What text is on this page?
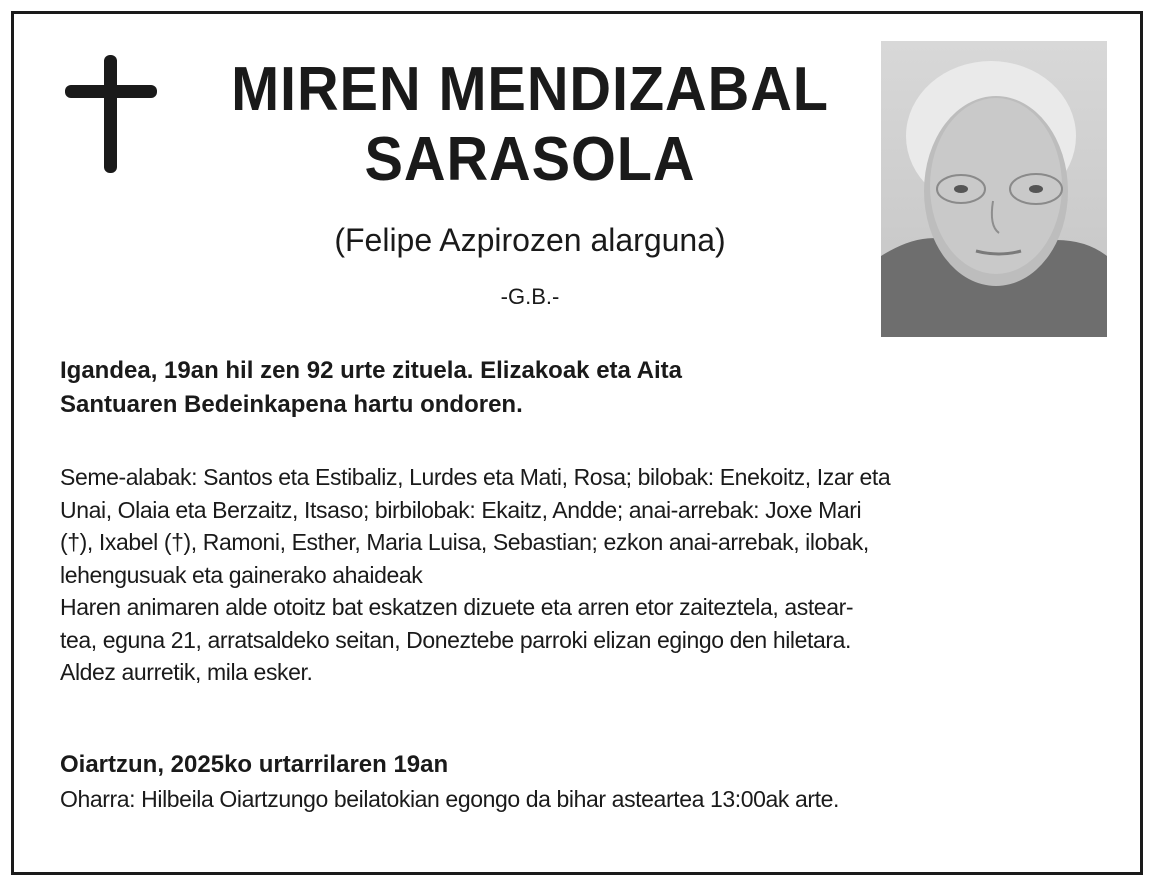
MIREN MENDIZABAL
SARASOLA
(Felipe Azpirozen alarguna)
-G.B.-
Igandea, 19an hil zen 92 urte zituela. Elizakoak eta Aita
Santuaren Bedeinkapena hartu ondoren.
Seme-alabak: Santos eta Estibaliz, Lurdes eta Mati, Rosa; bilobak: Enekoitz, Izar eta
Unai, Olaia eta Berzaitz, Itsaso; birbilobak: Ekaitz, Andde; anai-arrebak: Joxe Mari
(†), Ixabel (†), Ramoni, Esther, Maria Luisa, Sebastian; ezkon anai-arrebak, ilobak,
lehengusuak eta gainerako ahaideak
Haren animaren alde otoitz bat eskatzen dizuete eta arren etor zaiteztela, astear-
tea, eguna 21, arratsaldeko seitan, Doneztebe parroki elizan egingo den hiletara.
Aldez aurretik, mila esker.
Oiartzun, 2025ko urtarrilaren 19an
Oharra: Hilbeila Oiartzungo beilatokian egongo da bihar asteartea 13:00ak arte.
